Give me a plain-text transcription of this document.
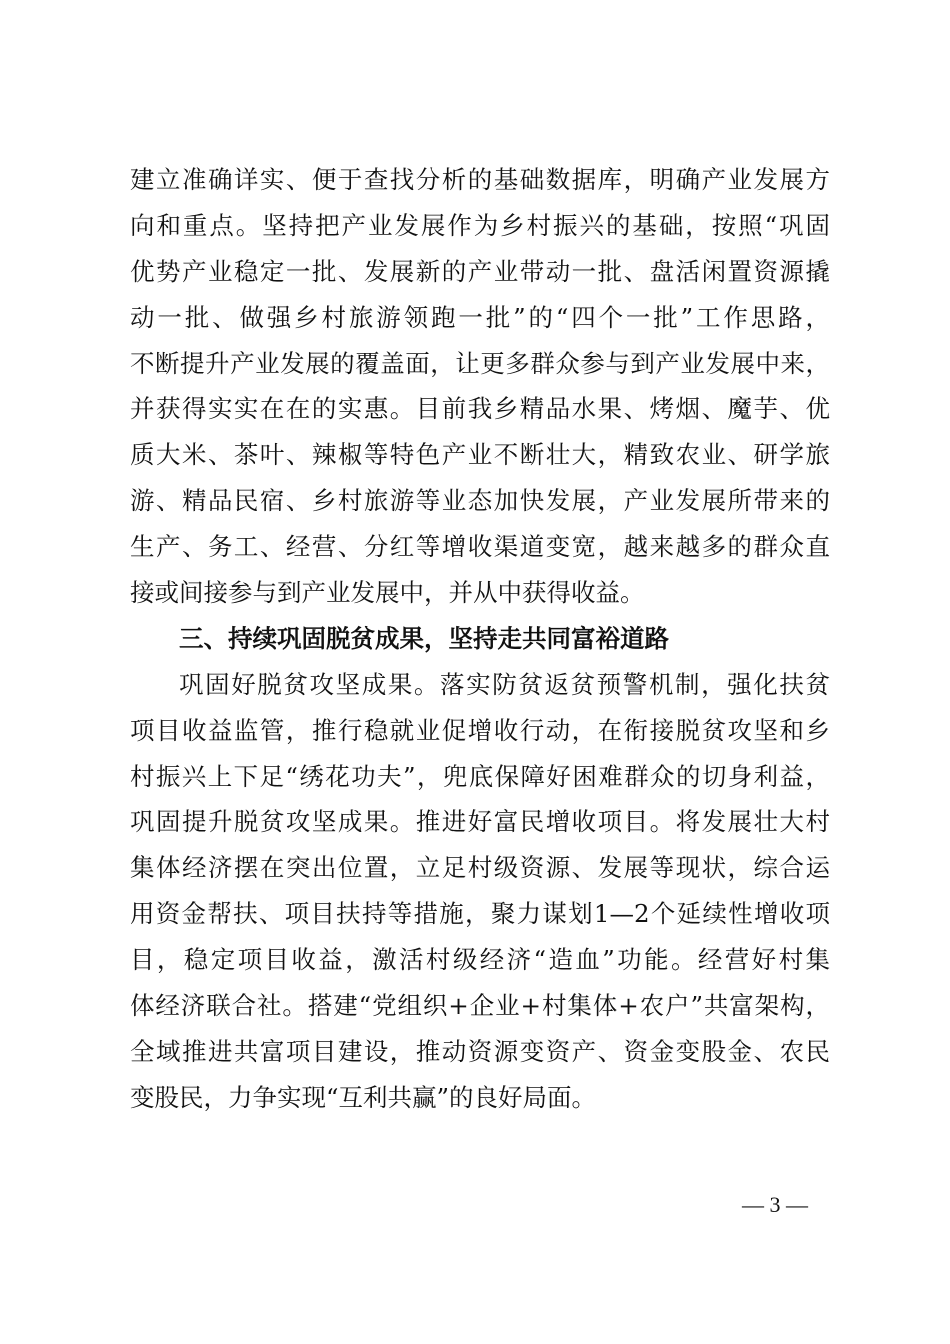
建立准确详实、便于查找分析的基础数据库，明确产业发展方
向和重点。坚持把产业发展作为乡村振兴的基础，按照“巩固
优势产业稳定一批、发展新的产业带动一批、盘活闲置资源撬
动一批、做强乡村旅游领跑一批”的“四个一批”工作思路，
不断提升产业发展的覆盖面，让更多群众参与到产业发展中来，
并获得实实在在的实惠。目前我乡精品水果、烤烟、魔芋、优
质大米、茶叶、辣椒等特色产业不断壮大，精致农业、研学旅
游、精品民宿、乡村旅游等业态加快发展，产业发展所带来的
生产、务工、经营、分红等增收渠道变宽，越来越多的群众直
接或间接参与到产业发展中，并从中获得收益。
三、持续巩固脱贫成果，坚持走共同富裕道路
巩固好脱贫攻坚成果。落实防贫返贫预警机制，强化扶贫
项目收益监管，推行稳就业促增收行动，在衔接脱贫攻坚和乡
村振兴上下足“绣花功夫”，兜底保障好困难群众的切身利益，
巩固提升脱贫攻坚成果。推进好富民增收项目。将发展壮大村
集体经济摆在突出位置，立足村级资源、发展等现状，综合运
用资金帮扶、项目扶持等措施，聚力谋划1—2个延续性增收项
目，稳定项目收益，激活村级经济“造血”功能。经营好村集
体经济联合社。搭建“党组织+企业+村集体+农户”共富架构，
全域推进共富项目建设，推动资源变资产、资金变股金、农民
变股民，力争实现“互利共赢”的良好局面。
— 3 —
